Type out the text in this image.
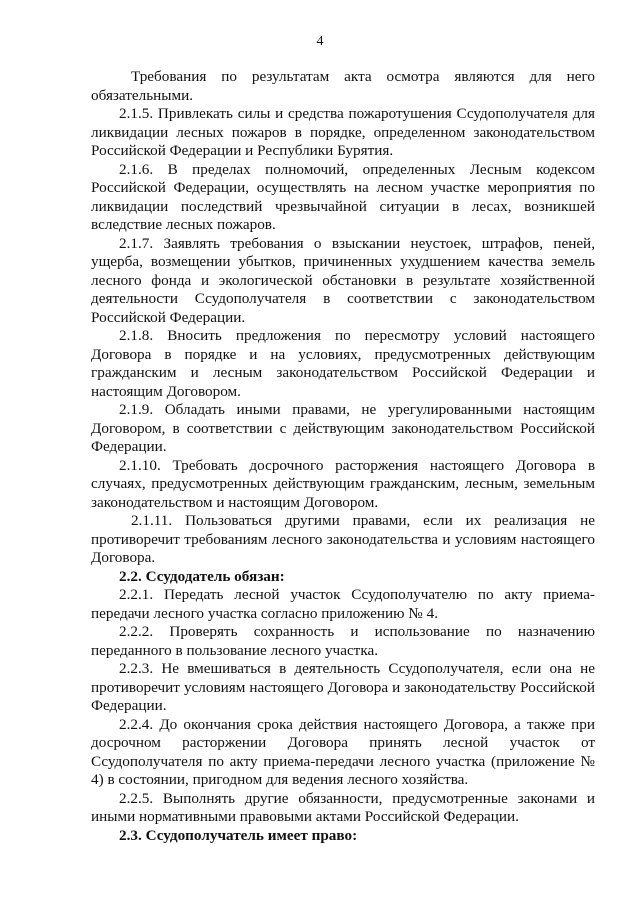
4

Требования по результатам акта осмотра являются для него обязательными.

2.1.5. Привлекать силы и средства пожаротушения Ссудополучателя для ликвидации лесных пожаров в порядке, определенном законодательством Российской Федерации и Республики Бурятия.

2.1.6. В пределах полномочий, определенных Лесным кодексом Российской Федерации, осуществлять на лесном участке мероприятия по ликвидации последствий чрезвычайной ситуации в лесах, возникшей вследствие лесных пожаров.

2.1.7. Заявлять требования о взыскании неустоек, штрафов, пеней, ущерба, возмещении убытков, причиненных ухудшением качества земель лесного фонда и экологической обстановки в результате хозяйственной деятельности Ссудополучателя в соответствии с законодательством Российской Федерации.

2.1.8. Вносить предложения по пересмотру условий настоящего Договора в порядке и на условиях, предусмотренных действующим гражданским и лесным законодательством Российской Федерации и настоящим Договором.

2.1.9. Обладать иными правами, не урегулированными настоящим Договором, в соответствии с действующим законодательством Российской Федерации.

2.1.10. Требовать досрочного расторжения настоящего Договора в случаях, предусмотренных действующим гражданским, лесным, земельным законодательством и настоящим Договором.

2.1.11. Пользоваться другими правами, если их реализация не противоречит требованиям лесного законодательства и условиям настоящего Договора.

2.2. Ссудодатель обязан:

2.2.1. Передать лесной участок Ссудополучателю по акту приема-передачи лесного участка согласно приложению № 4.

2.2.2. Проверять сохранность и использование по назначению переданного в пользование лесного участка.

2.2.3. Не вмешиваться в деятельность Ссудополучателя, если она не противоречит условиям настоящего Договора и законодательству Российской Федерации.

2.2.4. До окончания срока действия настоящего Договора, а также при досрочном расторжении Договора принять лесной участок от Ссудополучателя по акту приема-передачи лесного участка (приложение № 4) в состоянии, пригодном для ведения лесного хозяйства.

2.2.5. Выполнять другие обязанности, предусмотренные законами и иными нормативными правовыми актами Российской Федерации.

2.3. Ссудополучатель имеет право:
